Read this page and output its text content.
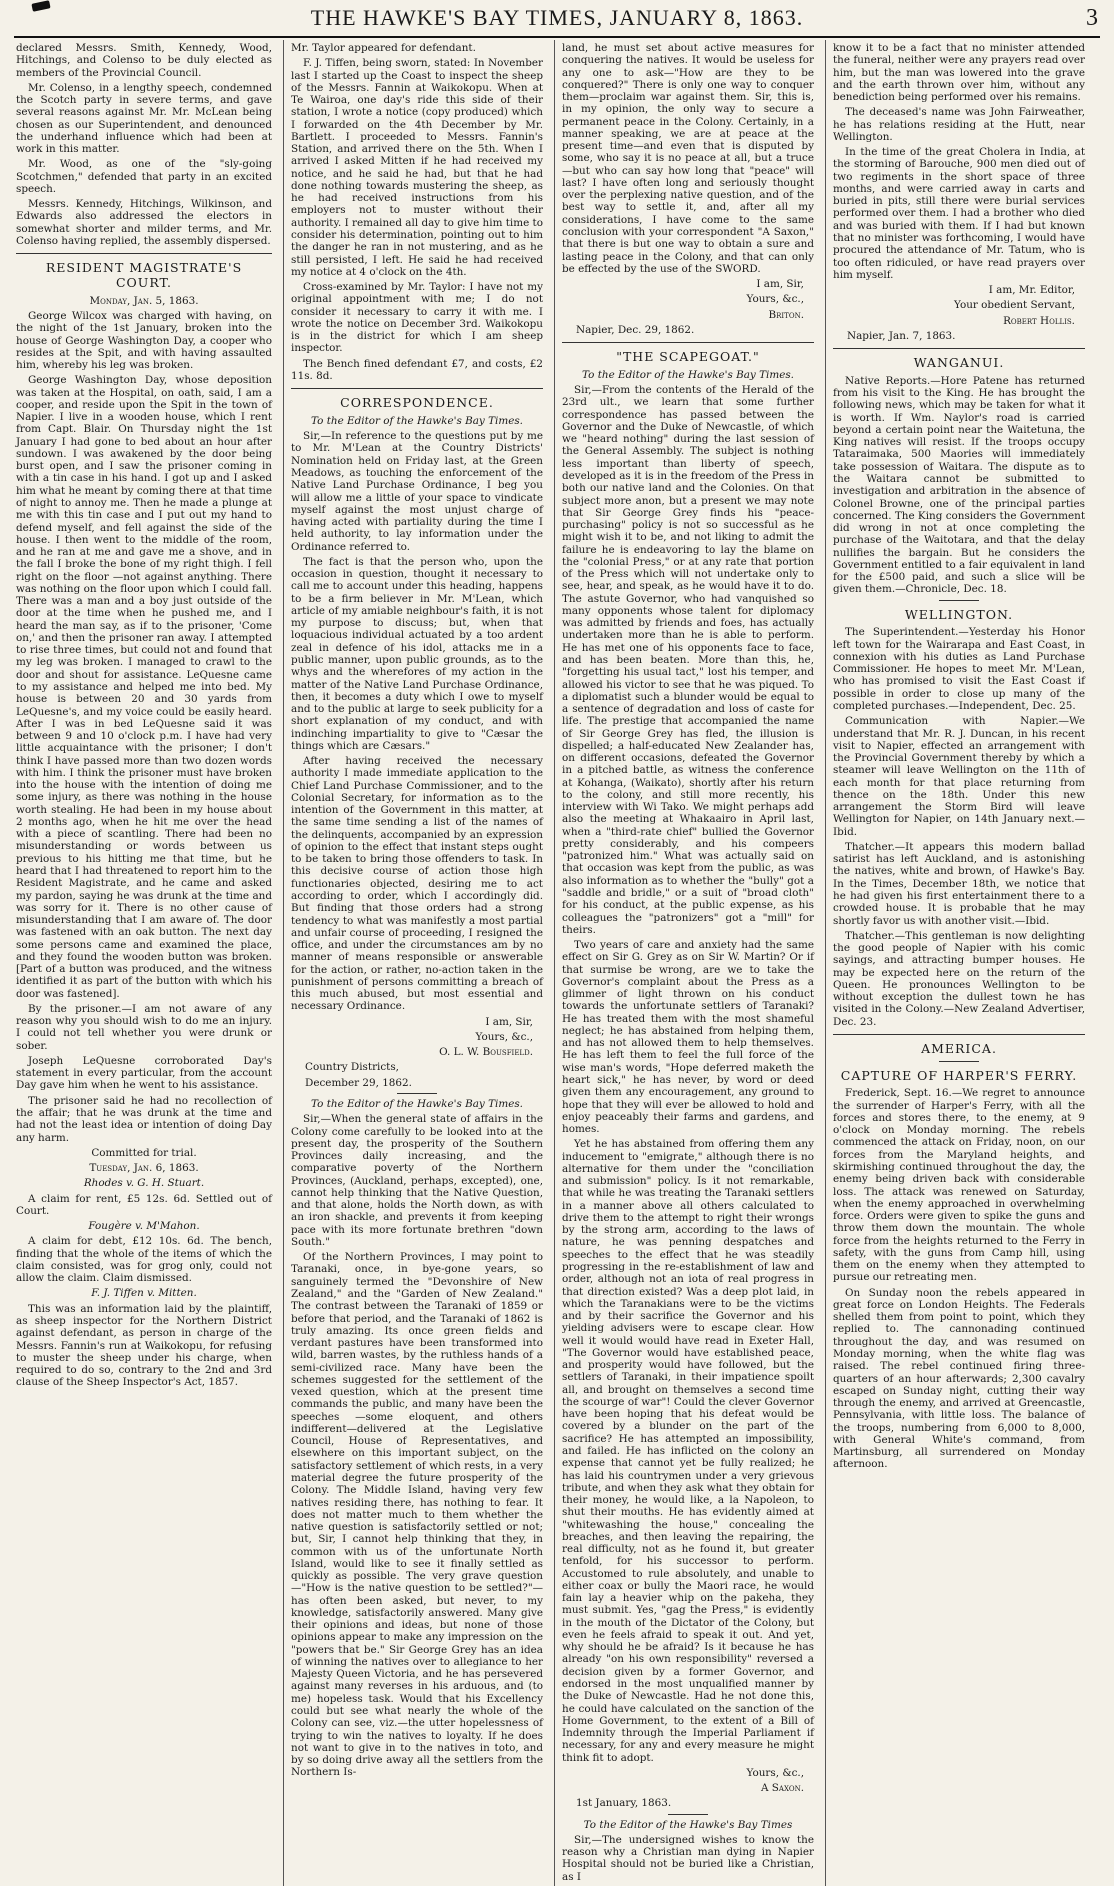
THE HAWKE'S BAY TIMES, JANUARY 8, 1863.	3

declared Messrs. Smith, Kennedy, Wood, Hitchings, and Colenso to be duly elected as members of the Provincial Council.

Mr. Colenso, in a lengthy speech, condemned the Scotch party in severe terms, and gave several reasons against Mr. Mr. McLean being chosen as our Superintendent, and denounced the underhand influence which had been at work in this matter.

Mr. Wood, as one of the "sly-going Scotchmen," defended that party in an excited speech.

Messrs. Kennedy, Hitchings, Wilkinson, and Edwards also addressed the electors in somewhat shorter and milder terms, and Mr. Colenso having replied, the assembly dispersed.

RESIDENT MAGISTRATE'S COURT.

Monday, Jan. 5, 1863.

George Wilcox was charged with having, on the night of the 1st January, broken into the house of George Washington Day, a cooper who resides at the Spit, and with having assaulted him, whereby his leg was broken.

George Washington Day, whose deposition was taken at the Hospital, on oath, said, I am a cooper, and reside upon the Spit in the town of Napier. I live in a wooden house, which I rent from Capt. Blair. On Thursday night the 1st January I had gone to bed about an hour after sundown. I was awakened by the door being burst open, and I saw the prisoner coming in with a tin case in his hand. I got up and I asked him what he meant by coming there at that time of night to annoy me. Then he made a plunge at me with this tin case and I put out my hand to defend myself, and fell against the side of the house. I then went to the middle of the room, and he ran at me and gave me a shove, and in the fall I broke the bone of my right thigh. I fell right on the floor —not against anything. There was nothing on the floor upon which I could fall. There was a man and a boy just outside of the door at the time when he pushed me, and I heard the man say, as if to the prisoner, 'Come on,' and then the prisoner ran away. I attempted to rise three times, but could not and found that my leg was broken. I managed to crawl to the door and shout for assistance. LeQuesne came to my assistance and helped me into bed. My house is between 20 and 30 yards from LeQuesne's, and my voice could be easily heard. After I was in bed LeQuesne said it was between 9 and 10 o'clock p.m. I have had very little acquaintance with the prisoner; I don't think I have passed more than two dozen words with him. I think the prisoner must have broken into the house with the intention of doing me some injury, as there was nothing in the house worth stealing. He had been in my house about 2 months ago, when he hit me over the head with a piece of scantling. There had been no misunderstanding or words between us previous to his hitting me that time, but he heard that I had threatened to report him to the Resident Magistrate, and he came and asked my pardon, saying he was drunk at the time and was sorry for it. There is no other cause of misunderstanding that I am aware of. The door was fastened with an oak button. The next day some persons came and examined the place, and they found the wooden button was broken. [Part of a button was produced, and the witness identified it as part of the button with which his door was fastened].

By the prisoner.—I am not aware of any reason why you should wish to do me an injury. I could not tell whether you were drunk or sober.

Joseph LeQuesne corroborated Day's statement in every particular, from the account Day gave him when he went to his assistance.

The prisoner said he had no recollection of the affair; that he was drunk at the time and had not the least idea or intention of doing Day any harm.

Committed for trial.

Tuesday, Jan. 6, 1863.

Rhodes v. G. H. Stuart.

A claim for rent, £5 12s. 6d. Settled out of Court.

Fougère v. M'Mahon.

A claim for debt, £12 10s. 6d. The bench, finding that the whole of the items of which the claim consisted, was for grog only, could not allow the claim. Claim dismissed.

F. J. Tiffen v. Mitten.

This was an information laid by the plaintiff, as sheep inspector for the Northern District against defendant, as person in charge of the Messrs. Fannin's run at Waikokopu, for refusing to muster the sheep under his charge, when required to do so, contrary to the 2nd and 3rd clause of the Sheep Inspector's Act, 1857.

Mr. Taylor appeared for defendant.

F. J. Tiffen, being sworn, stated: In November last I started up the Coast to inspect the sheep of the Messrs. Fannin at Waikokopu. When at Te Wairoa, one day's ride this side of their station, I wrote a notice (copy produced) which I forwarded on the 4th December by Mr. Bartlett. I proceeded to Messrs. Fannin's Station, and arrived there on the 5th. When I arrived I asked Mitten if he had received my notice, and he said he had, but that he had done nothing towards mustering the sheep, as he had received instructions from his employers not to muster without their authority. I remained all day to give him time to consider his determination, pointing out to him the danger he ran in not mustering, and as he still persisted, I left. He said he had received my notice at 4 o'clock on the 4th.

Cross-examined by Mr. Taylor: I have not my original appointment with me; I do not consider it necessary to carry it with me. I wrote the notice on December 3rd. Waikokopu is in the district for which I am sheep inspector.

The Bench fined defendant £7, and costs, £2 11s. 8d.

CORRESPONDENCE.

To the Editor of the Hawke's Bay Times.

Sir,—In reference to the questions put by me to Mr. M'Lean at the Country Districts' Nomination held on Friday last, at the Green Meadows, as touching the enforcement of the Native Land Purchase Ordinance, I beg you will allow me a little of your space to vindicate myself against the most unjust charge of having acted with partiality during the time I held authority, to lay information under the Ordinance referred to.

The fact is that the person who, upon the occasion in question, thought it necessary to call me to account under this heading, happens to be a firm believer in Mr. M'Lean, which article of my amiable neighbour's faith, it is not my purpose to discuss; but, when that loquacious individual actuated by a too ardent zeal in defence of his idol, attacks me in a public manner, upon public grounds, as to the whys and the wherefores of my action in the matter of the Native Land Purchase Ordinance, then, it becomes a duty which I owe to myself and to the public at large to seek publicity for a short explanation of my conduct, and with indinching impartiality to give to "Cæsar the things which are Cæsars."

After having received the necessary authority I made immediate application to the Chief Land Purchase Commissioner, and to the Colonial Secretary, for information as to the intention of the Government in this matter, at the same time sending a list of the names of the delinquents, accompanied by an expression of opinion to the effect that instant steps ought to be taken to bring those offenders to task. In this decisive course of action those high functionaries objected, desiring me to act according to order, which I accordingly did. But finding that those orders had a strong tendency to what was manifestly a most partial and unfair course of proceeding, I resigned the office, and under the circumstances am by no manner of means responsible or answerable for the action, or rather, no-action taken in the punishment of persons committing a breach of this much abused, but most essential and necessary Ordinance.

I am, Sir,

Yours, &c.,

O. L. W. Bousfield.

Country Districts,

December 29, 1862.

To the Editor of the Hawke's Bay Times.

Sir,—When the general state of affairs in the Colony come carefully to be looked into at the present day, the prosperity of the Southern Provinces daily increasing, and the comparative poverty of the Northern Provinces, (Auckland, perhaps, excepted), one, cannot help thinking that the Native Question, and that alone, holds the North down, as with an iron shackle, and prevents it from keeping pace with its more fortunate brethren "down South."

Of the Northern Provinces, I may point to Taranaki, once, in bye-gone years, so sanguinely termed the "Devonshire of New Zealand," and the "Garden of New Zealand." The contrast between the Taranaki of 1859 or before that period, and the Taranaki of 1862 is truly amazing. Its once green fields and verdant pastures have been transformed into wild, barren wastes, by the ruthless hands of a semi-civilized race. Many have been the schemes suggested for the settlement of the vexed question, which at the present time commands the public, and many have been the speeches —some eloquent, and others indifferent—delivered at the Legislative Council, House of Representatives, and elsewhere on this important subject, on the satisfactory settlement of which rests, in a very material degree the future prosperity of the Colony. The Middle Island, having very few natives residing there, has nothing to fear. It does not matter much to them whether the native question is satisfactorily settled or not; but, Sir, I cannot help thinking that they, in common with us of the unfortunate North Island, would like to see it finally settled as quickly as possible. The very grave question—"How is the native question to be settled?"—has often been asked, but never, to my knowledge, satisfactorily answered. Many give their opinions and ideas, but none of those opinions appear to make any impression on the "powers that be." Sir George Grey has an idea of winning the natives over to allegiance to her Majesty Queen Victoria, and he has persevered against many reverses in his arduous, and (to me) hopeless task. Would that his Excellency could but see what nearly the whole of the Colony can see, viz.—the utter hopelessness of trying to win the natives to loyalty. If he does not want to give in to the natives in toto, and by so doing drive away all the settlers from the Northern Is-

land, he must set about active measures for conquering the natives. It would be useless for any one to ask—"How are they to be conquered?" There is only one way to conquer them—proclaim war against them. Sir, this is, in my opinion, the only way to secure a permanent peace in the Colony. Certainly, in a manner speaking, we are at peace at the present time—and even that is disputed by some, who say it is no peace at all, but a truce—but who can say how long that "peace" will last? I have often long and seriously thought over the perplexing native question, and of the best way to settle it, and, after all my considerations, I have come to the same conclusion with your correspondent "A Saxon," that there is but one way to obtain a sure and lasting peace in the Colony, and that can only be effected by the use of the SWORD.

I am, Sir,

Yours, &c.,

Briton.

Napier, Dec. 29, 1862.

"THE SCAPEGOAT."

To the Editor of the Hawke's Bay Times.

Sir,—From the contents of the Herald of the 23rd ult., we learn that some further correspondence has passed between the Governor and the Duke of Newcastle, of which we "heard nothing" during the last session of the General Assembly. The subject is nothing less important than liberty of speech, developed as it is in the freedom of the Press in both our native land and the Colonies. On that subject more anon, but a present we may note that Sir George Grey finds his "peace-purchasing" policy is not so successful as he might wish it to be, and not liking to admit the failure he is endeavoring to lay the blame on the "colonial Press," or at any rate that portion of the Press which will not undertake only to see, hear, and speak, as he would have it to do. The astute Governor, who had vanquished so many opponents whose talent for diplomacy was admitted by friends and foes, has actually undertaken more than he is able to perform. He has met one of his opponents face to face, and has been beaten. More than this, he, "forgetting his usual tact," lost his temper, and allowed his victor to see that he was piqued. To a diplomatist such a blunder would be equal to a sentence of degradation and loss of caste for life. The prestige that accompanied the name of Sir George Grey has fled, the illusion is dispelled; a half-educated New Zealander has, on different occasions, defeated the Governor in a pitched battle, as witness the conference at Kohanga, (Waikato), shortly after his return to the colony, and still more recently, his interview with Wi Tako. We might perhaps add also the meeting at Whakaairo in April last, when a "third-rate chief" bullied the Governor pretty considerably, and his compeers "patronized him." What was actually said on that occasion was kept from the public, as was also information as to whether the "bully" got a "saddle and bridle," or a suit of "broad cloth" for his conduct, at the public expense, as his colleagues the "patronizers" got a "mill" for theirs.

Two years of care and anxiety had the same effect on Sir G. Grey as on Sir W. Martin? Or if that surmise be wrong, are we to take the Governor's complaint about the Press as a glimmer of light thrown on his conduct towards the unfortunate settlers of Taranaki? He has treated them with the most shameful neglect; he has abstained from helping them, and has not allowed them to help themselves. He has left them to feel the full force of the wise man's words, "Hope deferred maketh the heart sick," he has never, by word or deed given them any encouragement, any ground to hope that they will ever be allowed to hold and enjoy peaceably their farms and gardens, and homes.

Yet he has abstained from offering them any inducement to "emigrate," although there is no alternative for them under the "conciliation and submission" policy. Is it not remarkable, that while he was treating the Taranaki settlers in a manner above all others calculated to drive them to the attempt to right their wrongs by the strong arm, according to the laws of nature, he was penning despatches and speeches to the effect that he was steadily progressing in the re-establishment of law and order, although not an iota of real progress in that direction existed? Was a deep plot laid, in which the Taranakians were to be the victims and by their sacrifice the Governor and his yielding advisers were to escape clear. How well it would would have read in Exeter Hall, "The Governor would have established peace, and prosperity would have followed, but the settlers of Taranaki, in their impatience spoilt all, and brought on themselves a second time the scourge of war"! Could the clever Governor have been hoping that his defeat would be covered by a blunder on the part of the sacrifice? He has attempted an impossibility, and failed. He has inflicted on the colony an expense that cannot yet be fully realized; he has laid his countrymen under a very grievous tribute, and when they ask what they obtain for their money, he would like, a la Napoleon, to shut their mouths. He has evidently aimed at "whitewashing the house," concealing the breaches, and then leaving the repairing, the real difficulty, not as he found it, but greater tenfold, for his successor to perform. Accustomed to rule absolutely, and unable to either coax or bully the Maori race, he would fain lay a heavier whip on the pakeha, they must submit. Yes, "gag the Press," is evidently in the mouth of the Dictator of the Colony, but even he feels afraid to speak it out. And yet, why should he be afraid? Is it because he has already "on his own responsibility" reversed a decision given by a former Governor, and endorsed in the most unqualified manner by the Duke of Newcastle. Had he not done this, he could have calculated on the sanction of the Home Government, to the extent of a Bill of Indemnity through the Imperial Parliament if necessary, for any and every measure he might think fit to adopt.

Yours, &c.,

A Saxon.

1st January, 1863.

To the Editor of the Hawke's Bay Times

Sir,—The undersigned wishes to know the reason why a Christian man dying in Napier Hospital should not be buried like a Christian, as I

know it to be a fact that no minister attended the funeral, neither were any prayers read over him, but the man was lowered into the grave and the earth thrown over him, without any benediction being performed over his remains.

The deceased's name was John Fairweather, he has relations residing at the Hutt, near Wellington.

In the time of the great Cholera in India, at the storming of Barouche, 900 men died out of two regiments in the short space of three months, and were carried away in carts and buried in pits, still there were burial services performed over them. I had a brother who died and was buried with them. If I had but known that no minister was forthcoming, I would have procured the attendance of Mr. Tatum, who is too often ridiculed, or have read prayers over him myself.

I am, Mr. Editor,

Your obedient Servant,

Robert Hollis.

Napier, Jan. 7, 1863.

WANGANUI.

Native Reports.—Hore Patene has returned from his visit to the King. He has brought the following news, which may be taken for what it is worth. If Wm. Naylor's road is carried beyond a certain point near the Waitetuna, the King natives will resist. If the troops occupy Tataraimaka, 500 Maories will immediately take possession of Waitara. The dispute as to the Waitara cannot be submitted to investigation and arbitration in the absence of Colonel Browne, one of the principal parties concerned. The King considers the Government did wrong in not at once completing the purchase of the Waitotara, and that the delay nullifies the bargain. But he considers the Government entitled to a fair equivalent in land for the £500 paid, and such a slice will be given them.—Chronicle, Dec. 18.

WELLINGTON.

The Superintendent.—Yesterday his Honor left town for the Wairarapa and East Coast, in connexion with his duties as Land Purchase Commissioner. He hopes to meet Mr. M'Lean, who has promised to visit the East Coast if possible in order to close up many of the completed purchases.—Independent, Dec. 25.

Communication with Napier.—We understand that Mr. R. J. Duncan, in his recent visit to Napier, effected an arrangement with the Provincial Government thereby by which a steamer will leave Wellington on the 11th of each month for that place returning from thence on the 18th. Under this new arrangement the Storm Bird will leave Wellington for Napier, on 14th January next.—Ibid.

Thatcher.—It appears this modern ballad satirist has left Auckland, and is astonishing the natives, white and brown, of Hawke's Bay. In the Times, December 18th, we notice that he had given his first entertainment there to a crowded house. It is probable that he may shortly favor us with another visit.—Ibid.

Thatcher.—This gentleman is now delighting the good people of Napier with his comic sayings, and attracting bumper houses. He may be expected here on the return of the Queen. He pronounces Wellington to be without exception the dullest town he has visited in the Colony.—New Zealand Advertiser, Dec. 23.

AMERICA.

CAPTURE OF HARPER'S FERRY.

Frederick, Sept. 16.—We regret to announce the surrender of Harper's Ferry, with all the forces and stores there, to the enemy, at 9 o'clock on Monday morning. The rebels commenced the attack on Friday, noon, on our forces from the Maryland heights, and skirmishing continued throughout the day, the enemy being driven back with considerable loss. The attack was renewed on Saturday, when the enemy approached in overwhelming force. Orders were given to spike the guns and throw them down the mountain. The whole force from the heights returned to the Ferry in safety, with the guns from Camp hill, using them on the enemy when they attempted to pursue our retreating men.

On Sunday noon the rebels appeared in great force on London Heights. The Federals shelled them from point to point, which they replied to. The cannonading continued throughout the day, and was resumed on Monday morning, when the white flag was raised. The rebel continued firing three-quarters of an hour afterwards; 2,300 cavalry escaped on Sunday night, cutting their way through the enemy, and arrived at Greencastle, Pennsylvania, with little loss. The balance of the troops, numbering from 6,000 to 8,000, with General White's command, from Martinsburg, all surrendered on Monday afternoon.
